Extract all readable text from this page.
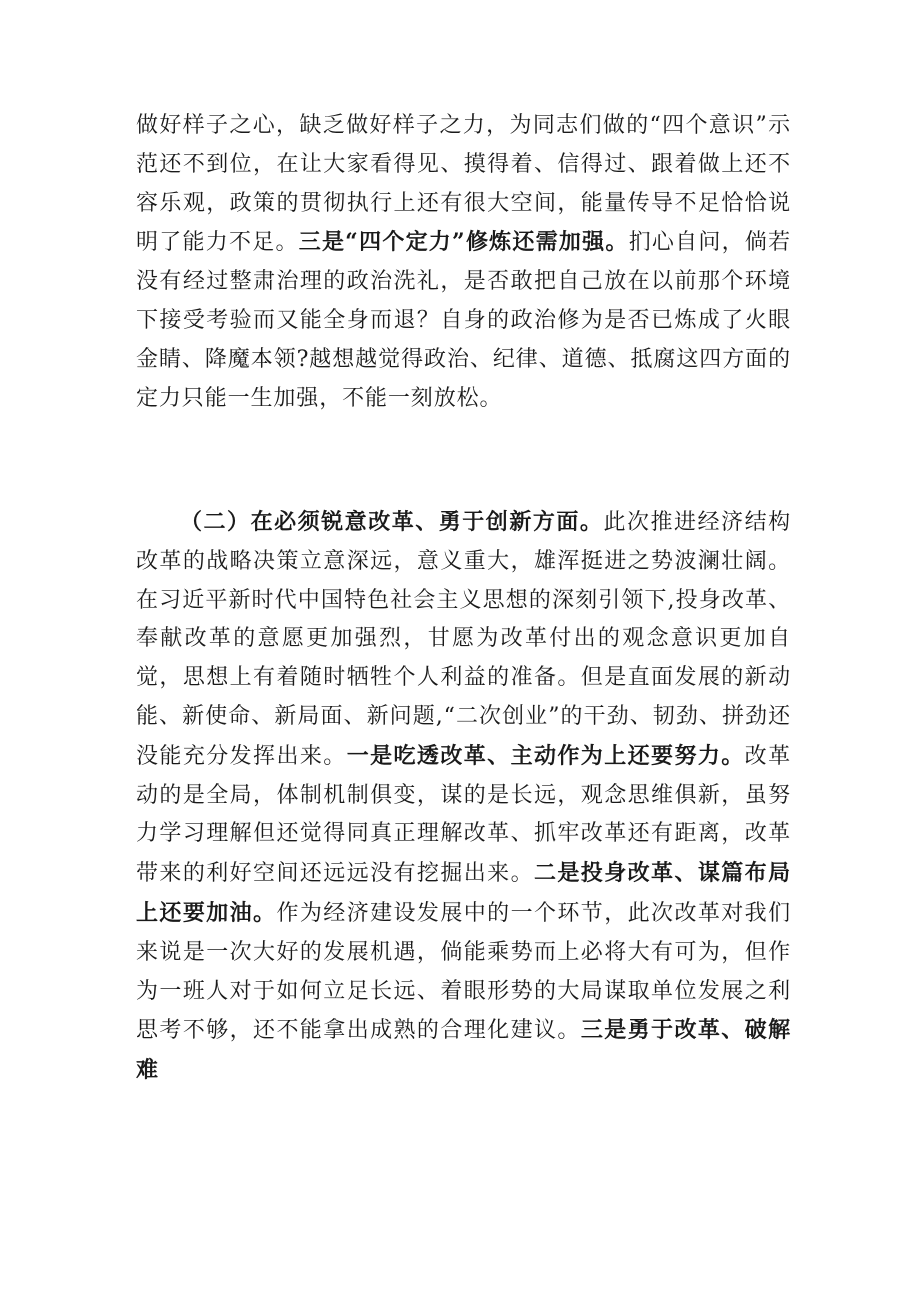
做好样子之心，缺乏做好样子之力，为同志们做的“四个意识”示范还不到位，在让大家看得见、摸得着、信得过、跟着做上还不容乐观，政策的贯彻执行上还有很大空间，能量传导不足恰恰说明了能力不足。三是“四个定力”修炼还需加强。扪心自问，倘若没有经过整肃治理的政治洗礼，是否敢把自己放在以前那个环境下接受考验而又能全身而退？自身的政治修为是否已炼成了火眼金睛、降魔本领?越想越觉得政治、纪律、道德、抵腐这四方面的定力只能一生加强，不能一刻放松。

（二）在必须锐意改革、勇于创新方面。此次推进经济结构改革的战略决策立意深远，意义重大，雄浑挺进之势波澜壮阔。在习近平新时代中国特色社会主义思想的深刻引领下,投身改革、奉献改革的意愿更加强烈，甘愿为改革付出的观念意识更加自觉，思想上有着随时牺牲个人利益的准备。但是直面发展的新动能、新使命、新局面、新问题,“二次创业”的干劲、韧劲、拼劲还没能充分发挥出来。一是吃透改革、主动作为上还要努力。改革动的是全局，体制机制俱变，谋的是长远，观念思维俱新，虽努力学习理解但还觉得同真正理解改革、抓牢改革还有距离，改革带来的利好空间还远远没有挖掘出来。二是投身改革、谋篇布局上还要加油。作为经济建设发展中的一个环节，此次改革对我们来说是一次大好的发展机遇，倘能乘势而上必将大有可为，但作为一班人对于如何立足长远、着眼形势的大局谋取单位发展之利思考不够，还不能拿出成熟的合理化建议。三是勇于改革、破解难
